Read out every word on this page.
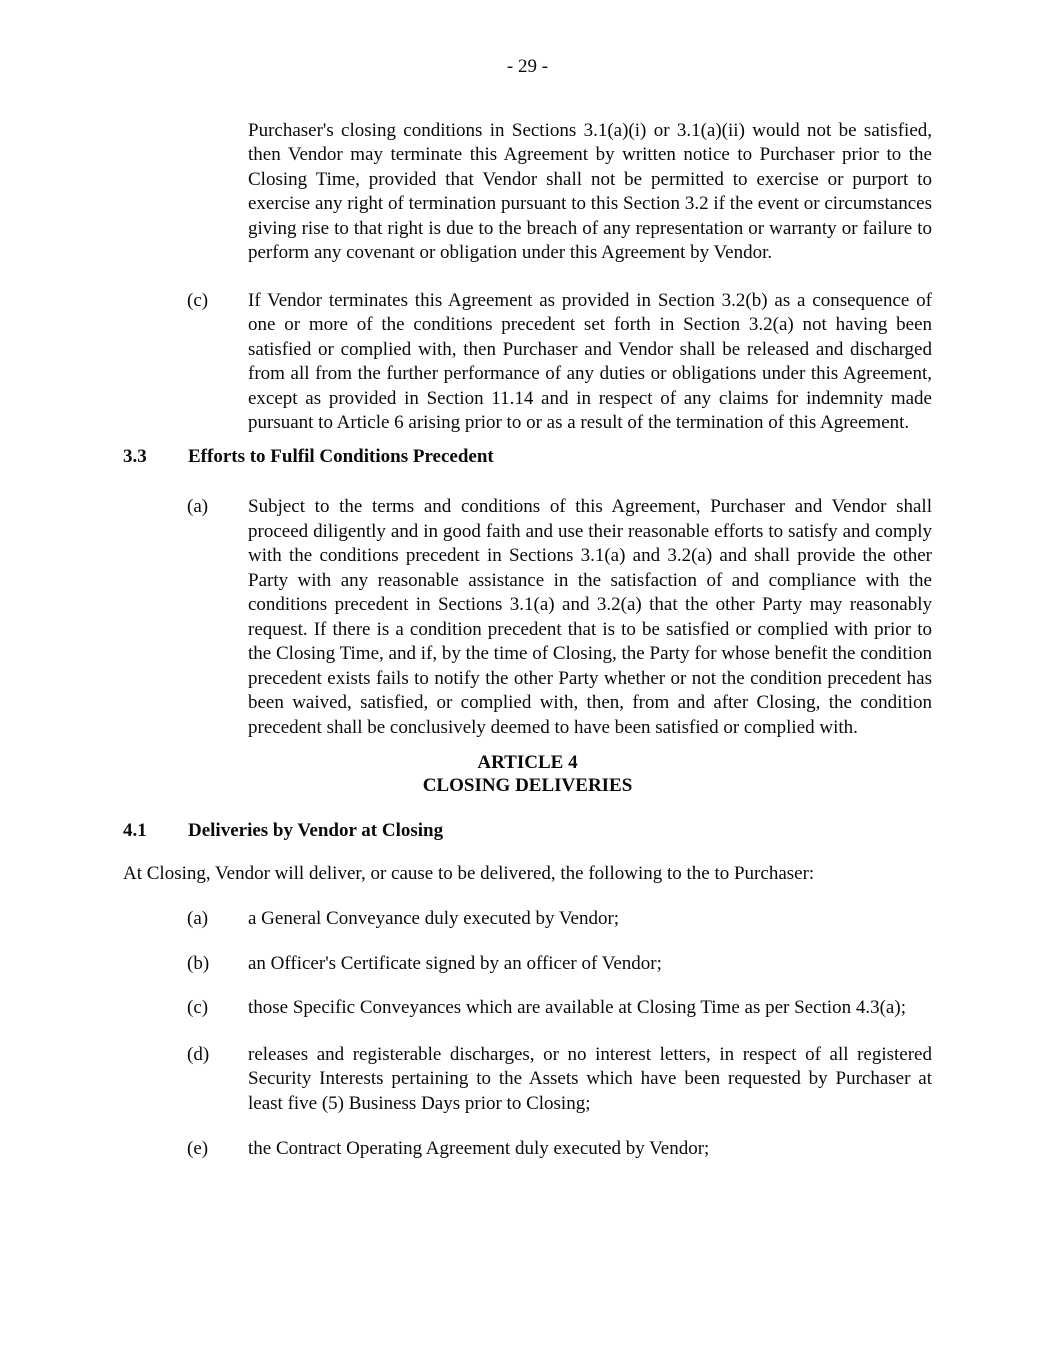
- 29 -

Purchaser's closing conditions in Sections 3.1(a)(i) or 3.1(a)(ii) would not be satisfied, then Vendor may terminate this Agreement by written notice to Purchaser prior to the Closing Time, provided that Vendor shall not be permitted to exercise or purport to exercise any right of termination pursuant to this Section 3.2 if the event or circumstances giving rise to that right is due to the breach of any representation or warranty or failure to perform any covenant or obligation under this Agreement by Vendor.

(c)	If Vendor terminates this Agreement as provided in Section 3.2(b) as a consequence of one or more of the conditions precedent set forth in Section 3.2(a) not having been satisfied or complied with, then Purchaser and Vendor shall be released and discharged from all from the further performance of any duties or obligations under this Agreement, except as provided in Section 11.14 and in respect of any claims for indemnity made pursuant to Article 6 arising prior to or as a result of the termination of this Agreement.
3.3	Efforts to Fulfil Conditions Precedent
(a)	Subject to the terms and conditions of this Agreement, Purchaser and Vendor shall proceed diligently and in good faith and use their reasonable efforts to satisfy and comply with the conditions precedent in Sections 3.1(a) and 3.2(a) and shall provide the other Party with any reasonable assistance in the satisfaction of and compliance with the conditions precedent in Sections 3.1(a) and 3.2(a) that the other Party may reasonably request. If there is a condition precedent that is to be satisfied or complied with prior to the Closing Time, and if, by the time of Closing, the Party for whose benefit the condition precedent exists fails to notify the other Party whether or not the condition precedent has been waived, satisfied, or complied with, then, from and after Closing, the condition precedent shall be conclusively deemed to have been satisfied or complied with.
ARTICLE 4
CLOSING DELIVERIES
4.1	Deliveries by Vendor at Closing

At Closing, Vendor will deliver, or cause to be delivered, the following to the to Purchaser:

(a)	a General Conveyance duly executed by Vendor;
(b)	an Officer's Certificate signed by an officer of Vendor;
(c)	those Specific Conveyances which are available at Closing Time as per Section 4.3(a);
(d)	releases and registerable discharges, or no interest letters, in respect of all registered Security Interests pertaining to the Assets which have been requested by Purchaser at least five (5) Business Days prior to Closing;
(e)	the Contract Operating Agreement duly executed by Vendor;
